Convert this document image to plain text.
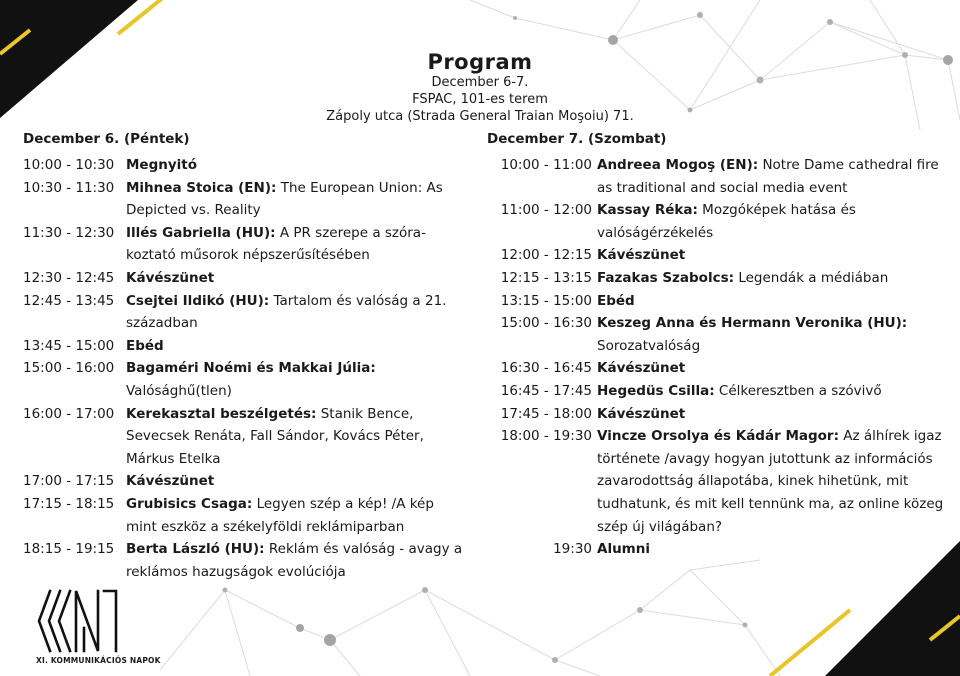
Program
December 6-7.
FSPAC, 101-es terem
Zápoly utca (Strada General Traian Moşoiu) 71.
December 6. (Péntek)
10:00 - 10:30 Megnyitó
10:30 - 11:30 Mihnea Stoica (EN): The European Union: As Depicted vs. Reality
11:30 - 12:30 Illés Gabriella (HU): A PR szerepe a szórakoztató műsorok népszerűsítésében
12:30 - 12:45 Kávészünet
12:45 - 13:45 Csejtei Ildikó (HU): Tartalom és valóság a 21. században
13:45 - 15:00 Ebéd
15:00 - 16:00 Bagaméri Noémi és Makkai Júlia: Valósághű(tlen)
16:00 - 17:00 Kerekasztal beszélgetés: Stanik Bence, Sevecsek Renáta, Fall Sándor, Kovács Péter, Márkus Etelka
17:00 - 17:15 Kávészünet
17:15 - 18:15 Grubisics Csaga: Legyen szép a kép! /A kép mint eszköz a székelyföldi reklámiparban
18:15 - 19:15 Berta László (HU): Reklám és valóság - avagy a reklámos hazugságok evolúciója
December 7. (Szombat)
10:00 - 11:00 Andreea Mogoş (EN): Notre Dame cathedral fire as traditional and social media event
11:00 - 12:00 Kassay Réka: Mozgóképek hatása és valóságérzékelés
12:00 - 12:15 Kávészünet
12:15 - 13:15 Fazakas Szabolcs: Legendák a médiában
13:15 - 15:00 Ebéd
15:00 - 16:30 Keszeg Anna és Hermann Veronika (HU): Sorozatvalóság
16:30 - 16:45 Kávészünet
16:45 - 17:45 Hegedüs Csilla: Célkeresztben a szóvivő
17:45 - 18:00 Kávészünet
18:00 - 19:30 Vincze Orsolya és Kádár Magor: Az álhírek igaz története /avagy hogyan jutottunk az információs zavarodottság állapotába, kinek hihetünk, mit tudhatunk, és mit kell tennünk ma, az online közeg szép új világában?
19:30 Alumni
XI. KOMMUNIKÁCIÓS NAPOK
